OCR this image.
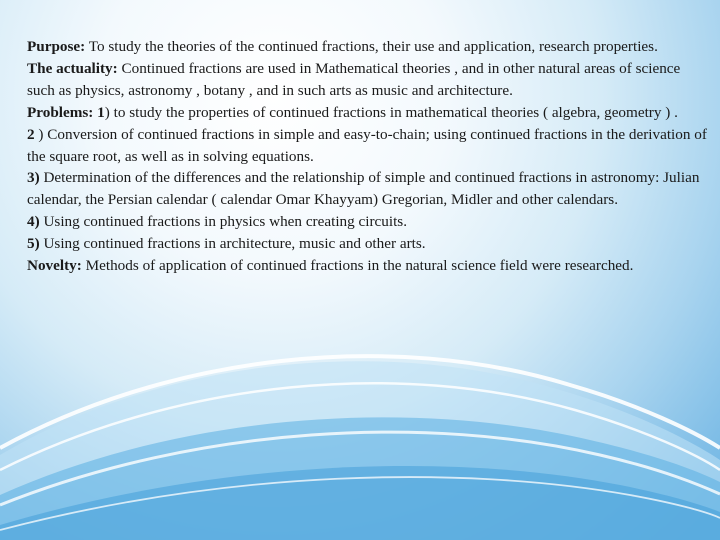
Purpose: To study the theories of the continued fractions, their use and application, research properties.

The actuality: Continued fractions are used in Mathematical theories , and in other natural areas of science such as physics, astronomy , botany , and in such arts as music and architecture.

Problems: 1) to study the properties of continued fractions in mathematical theories ( algebra, geometry ) .

2 ) Conversion of continued fractions in simple and easy-to-chain; using continued fractions in the derivation of the square root, as well as in solving equations.

3) Determination of the differences and the relationship of simple and continued fractions in astronomy: Julian calendar, the Persian calendar ( calendar Omar Khayyam) Gregorian, Midler and other calendars.

4) Using continued fractions in physics when creating circuits.

5) Using continued fractions in architecture, music and other arts.

Novelty: Methods of application of continued fractions in the natural science field were researched.
